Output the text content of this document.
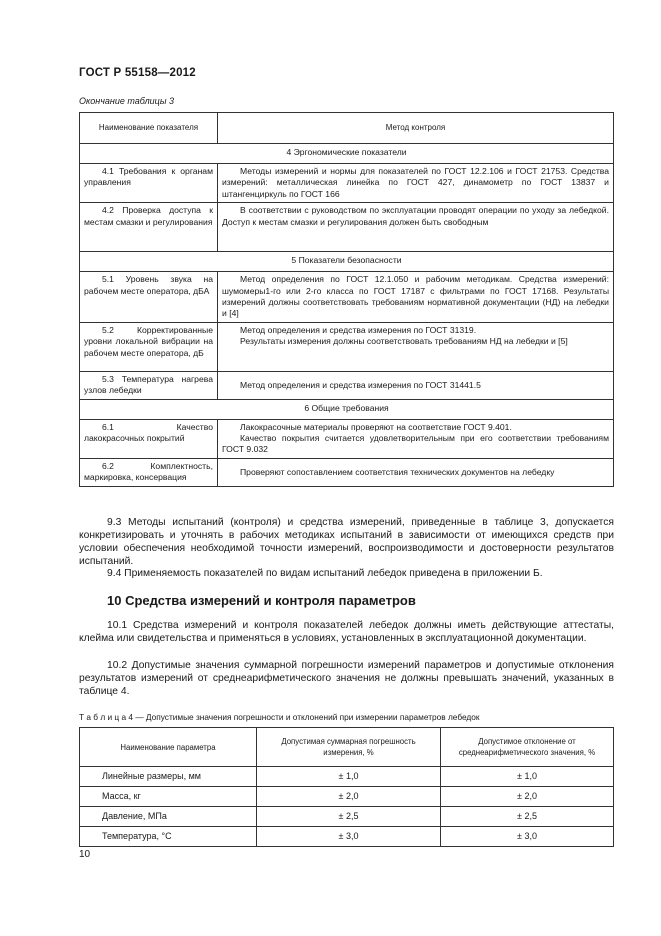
ГОСТ Р 55158—2012
Окончание таблицы 3
Наименование показателя	Метод контроля
4 Эргономические показатели	
4.1 Требования к органам управления	Методы измерений и нормы для показателей по ГОСТ 12.2.106 и ГОСТ 21753. Средства измерений: металлическая линейка по ГОСТ 427, динамометр по ГОСТ 13837 и штангенциркуль по ГОСТ 166

4.2 Проверка доступа к местам смазки и регулирования	В соответствии с руководством по эксплуатации проводят операции по уходу за лебедкой. Доступ к местам смазки и регулирования должен быть свободным

5 Показатели безопасности	
5.1 Уровень звука на рабочем месте оператора, дБА	Метод определения по ГОСТ 12.1.050 и рабочим методикам. Средства измерений: шумомеры1-го или 2-го класса по ГОСТ 17187 с фильтрами по ГОСТ 17168. Результаты измерений должны соответствовать требованиям нормативной документации (НД) на лебедки и [4]

5.2 Корректированные уровни локальной вибрации на рабочем месте оператора, дБ	Метод определения и средства измерения по ГОСТ 31319.

Результаты измерения должны соответствовать требованиям НД на лебедки и [5]

5.3 Температура нагрева узлов лебедки	Метод определения и средства измерения по ГОСТ 31441.5

6 Общие требования	
6.1 Качество лакокрасочных покрытий	Лакокрасочные материалы проверяют на соответствие ГОСТ 9.401.

Качество покрытия считается удовлетворительным при его соответствии требованиям ГОСТ 9.032

6.2 Комплектность, маркировка, консервация	Проверяют сопоставлением соответствия технических документов на лебедку

9.3 Методы испытаний (контроля) и средства измерений, приведенные в таблице 3, допускается конкретизировать и уточнять в рабочих методиках испытаний в зависимости от имеющихся средств при условии обеспечения необходимой точности измерений, воспроизводимости и достоверности результатов испытаний.

9.4 Применяемость показателей по видам испытаний лебедок приведена в приложении Б.

10 Средства измерений и контроля параметров

10.1 Средства измерений и контроля показателей лебедок должны иметь действующие аттестаты, клейма или свидетельства и применяться в условиях, установленных в эксплуатационной документации.

10.2 Допустимые значения суммарной погрешности измерений параметров и допустимые отклонения результатов измерений от среднеарифметического значения не должны превышать значений, указанных в таблице 4.

Т а б л и ц а 4 — Допустимые значения погрешности и отклонений при измерении параметров лебедок
Наименование параметра	Допустимая суммарная погрешность измерения, %	Допустимое отклонение от среднеарифметического значения, %
Линейные размеры, мм	± 1,0	± 1,0
Масса, кг	± 2,0	± 2,0
Давление, МПа	± 2,5	± 2,5
Температура, °С	± 3,0	± 3,0
10
